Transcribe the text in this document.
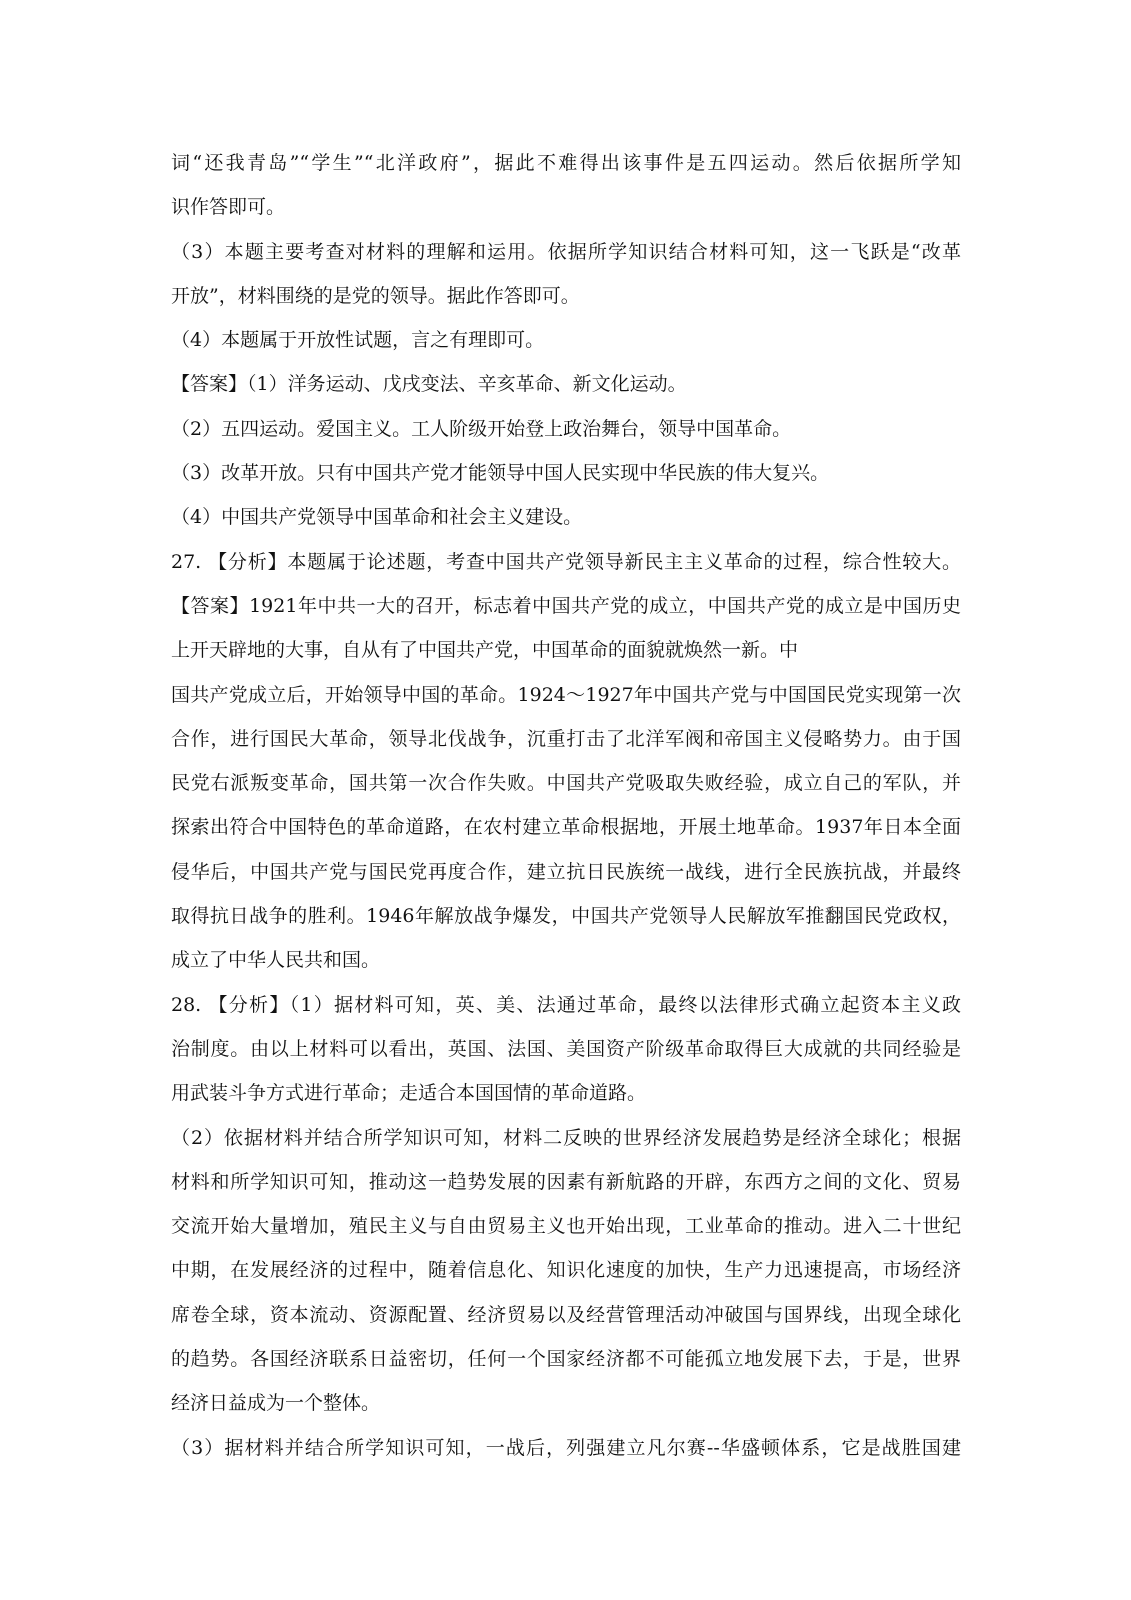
词“还我青岛”“学生”“北洋政府”，据此不难得出该事件是五四运动。然后依据所学知
识作答即可。
（3）本题主要考查对材料的理解和运用。依据所学知识结合材料可知，这一飞跃是“改革
开放”，材料围绕的是党的领导。据此作答即可。
（4）本题属于开放性试题，言之有理即可。
【答案】（1）洋务运动、戊戌变法、辛亥革命、新文化运动。
（2）五四运动。爱国主义。工人阶级开始登上政治舞台，领导中国革命。
（3）改革开放。只有中国共产党才能领导中国人民实现中华民族的伟大复兴。
（4）中国共产党领导中国革命和社会主义建设。
27. 【分析】本题属于论述题，考查中国共产党领导新民主主义革命的过程，综合性较大。
【答案】1921年中共一大的召开，标志着中国共产党的成立，中国共产党的成立是中国历史
上开天辟地的大事，自从有了中国共产党，中国革命的面貌就焕然一新。中
国共产党成立后，开始领导中国的革命。1924～1927年中国共产党与中国国民党实现第一次
合作，进行国民大革命，领导北伐战争，沉重打击了北洋军阀和帝国主义侵略势力。由于国
民党右派叛变革命，国共第一次合作失败。中国共产党吸取失败经验，成立自己的军队，并
探索出符合中国特色的革命道路，在农村建立革命根据地，开展土地革命。1937年日本全面
侵华后，中国共产党与国民党再度合作，建立抗日民族统一战线，进行全民族抗战，并最终
取得抗日战争的胜利。1946年解放战争爆发，中国共产党领导人民解放军推翻国民党政权，
成立了中华人民共和国。
28. 【分析】（1）据材料可知，英、美、法通过革命，最终以法律形式确立起资本主义政
治制度。由以上材料可以看出，英国、法国、美国资产阶级革命取得巨大成就的共同经验是
用武装斗争方式进行革命；走适合本国国情的革命道路。
（2）依据材料并结合所学知识可知，材料二反映的世界经济发展趋势是经济全球化；根据
材料和所学知识可知，推动这一趋势发展的因素有新航路的开辟，东西方之间的文化、贸易
交流开始大量增加，殖民主义与自由贸易主义也开始出现，工业革命的推动。进入二十世纪
中期，在发展经济的过程中，随着信息化、知识化速度的加快，生产力迅速提高，市场经济
席卷全球，资本流动、资源配置、经济贸易以及经营管理活动冲破国与国界线，出现全球化
的趋势。各国经济联系日益密切，任何一个国家经济都不可能孤立地发展下去，于是，世界
经济日益成为一个整体。
（3）据材料并结合所学知识可知，一战后，列强建立凡尔赛--华盛顿体系，它是战胜国建
